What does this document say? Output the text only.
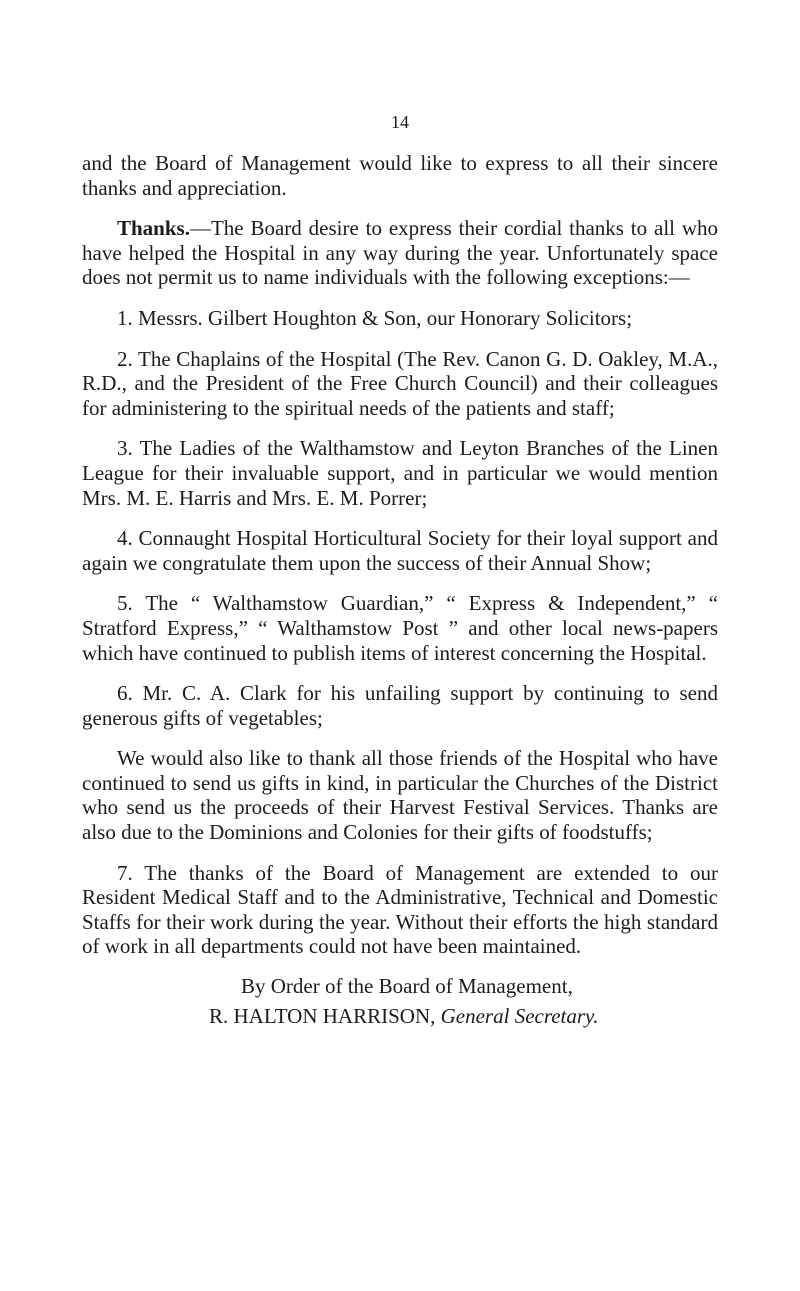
14

and the Board of Management would like to express to all their sincere thanks and appreciation.

Thanks.—The Board desire to express their cordial thanks to all who have helped the Hospital in any way during the year. Unfortunately space does not permit us to name individuals with the following exceptions:—

1. Messrs. Gilbert Houghton & Son, our Honorary Solicitors;

2. The Chaplains of the Hospital (The Rev. Canon G. D. Oakley, M.A., R.D., and the President of the Free Church Council) and their colleagues for administering to the spiritual needs of the patients and staff;

3. The Ladies of the Walthamstow and Leyton Branches of the Linen League for their invaluable support, and in particular we would mention Mrs. M. E. Harris and Mrs. E. M. Porrer;

4. Connaught Hospital Horticultural Society for their loyal support and again we congratulate them upon the success of their Annual Show;

5. The “ Walthamstow Guardian,” “ Express & Independent,” “ Stratford Express,” “ Walthamstow Post ” and other local news-papers which have continued to publish items of interest concerning the Hospital.

6. Mr. C. A. Clark for his unfailing support by continuing to send generous gifts of vegetables;

We would also like to thank all those friends of the Hospital who have continued to send us gifts in kind, in particular the Churches of the District who send us the proceeds of their Harvest Festival Services. Thanks are also due to the Dominions and Colonies for their gifts of foodstuffs;

7. The thanks of the Board of Management are extended to our Resident Medical Staff and to the Administrative, Technical and Domestic Staffs for their work during the year. Without their efforts the high standard of work in all departments could not have been maintained.

By Order of the Board of Management,
R. HALTON HARRISON, General Secretary.
